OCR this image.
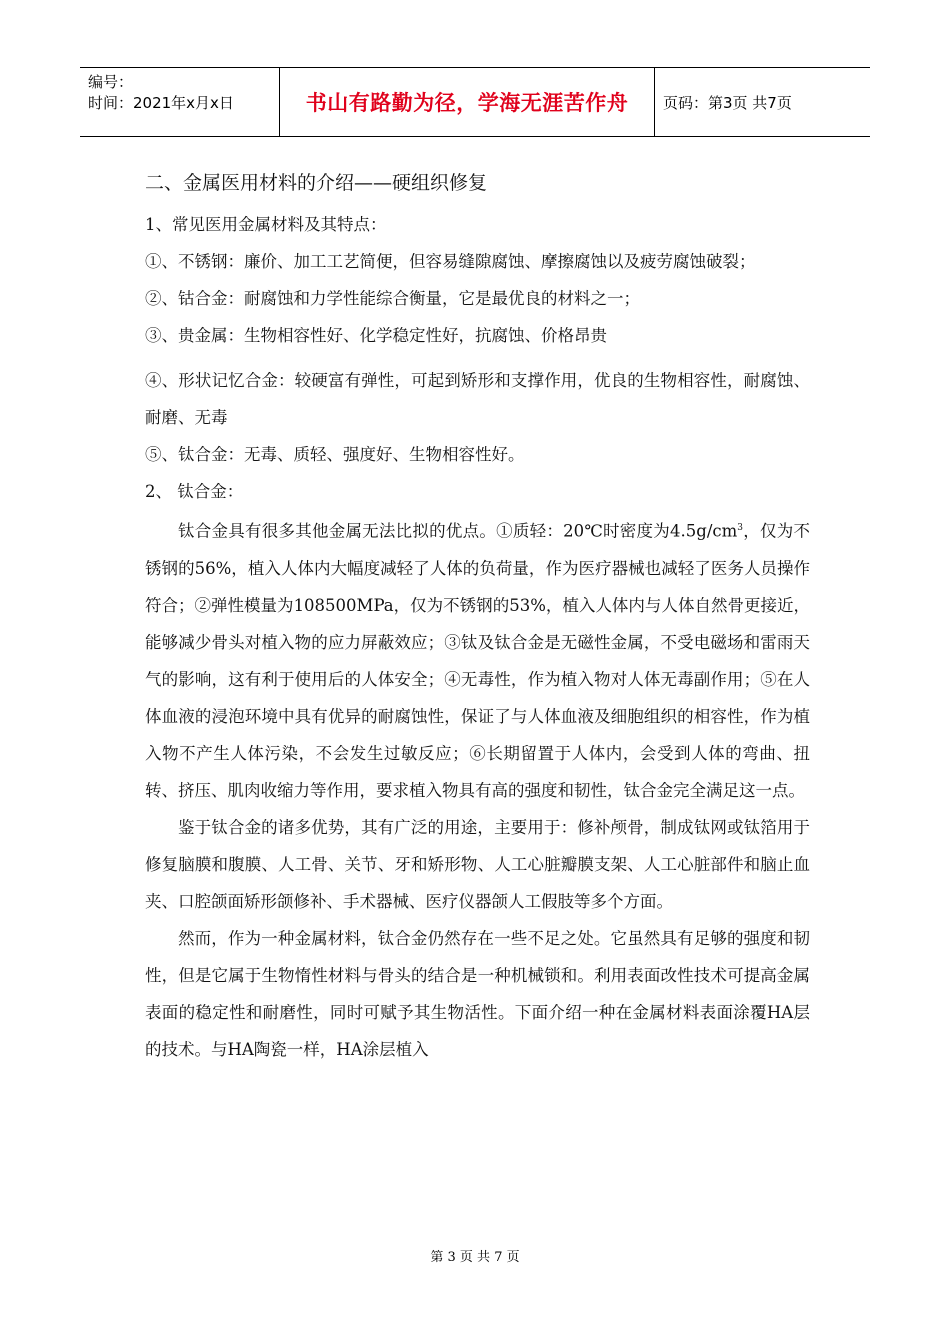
编号：
时间：2021年x月x日	书山有路勤为径，学海无涯苦作舟	页码：第3页 共7页
二、金属医用材料的介绍——硬组织修复

1、常见医用金属材料及其特点：

①、不锈钢：廉价、加工工艺简便，但容易缝隙腐蚀、摩擦腐蚀以及疲劳腐蚀破裂；

②、钴合金：耐腐蚀和力学性能综合衡量，它是最优良的材料之一；

③、贵金属：生物相容性好、化学稳定性好，抗腐蚀、价格昂贵

④、形状记忆合金：较硬富有弹性，可起到矫形和支撑作用，优良的生物相容性，耐腐蚀、耐磨、无毒

⑤、钛合金：无毒、质轻、强度好、生物相容性好。

2、 钛合金：

钛合金具有很多其他金属无法比拟的优点。①质轻：20℃时密度为$4.5g/cm^3$，仅为不锈钢的56%，植入人体内大幅度减轻了人体的负荷量，作为医疗器械也减轻了医务人员操作符合；②弹性模量为108500MPa，仅为不锈钢的53%，植入人体内与人体自然骨更接近，能够减少骨头对植入物的应力屏蔽效应；③钛及钛合金是无磁性金属，不受电磁场和雷雨天气的影响，这有利于使用后的人体安全；④无毒性，作为植入物对人体无毒副作用；⑤在人体血液的浸泡环境中具有优异的耐腐蚀性，保证了与人体血液及细胞组织的相容性，作为植入物不产生人体污染，不会发生过敏反应；⑥长期留置于人体内，会受到人体的弯曲、扭转、挤压、肌肉收缩力等作用，要求植入物具有高的强度和韧性，钛合金完全满足这一点。

鉴于钛合金的诸多优势，其有广泛的用途，主要用于：修补颅骨，制成钛网或钛箔用于修复脑膜和腹膜、人工骨、关节、牙和矫形物、人工心脏瓣膜支架、人工心脏部件和脑止血夹、口腔颌面矫形颌修补、手术器械、医疗仪器颌人工假肢等多个方面。

然而，作为一种金属材料，钛合金仍然存在一些不足之处。它虽然具有足够的强度和韧性，但是它属于生物惰性材料与骨头的结合是一种机械锁和。利用表面改性技术可提高金属表面的稳定性和耐磨性，同时可赋予其生物活性。下面介绍一种在金属材料表面涂覆HA层的技术。与HA陶瓷一样，HA涂层植入

第 3 页 共 7 页
